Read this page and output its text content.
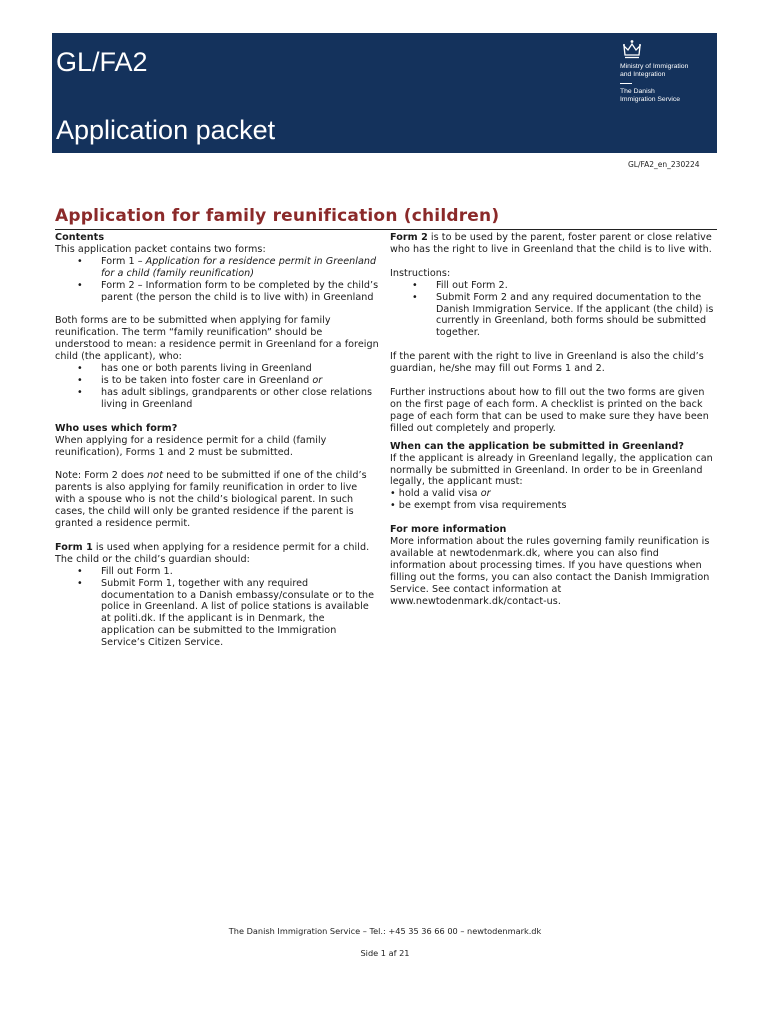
GL/FA2
Application packet
Ministry of Immigration
and Integration
The Danish
Immigration Service
GL/FA2_en_230224
Application for family reunification (children)

Contents

This application packet contains two forms:

• Form 1 – Application for a residence permit in Greenland for a child (family reunification)
• Form 2 – Information form to be completed by the child’s parent (the person the child is to live with) in Greenland

Both forms are to be submitted when applying for family reunification. The term “family reunification” should be understood to mean: a residence permit in Greenland for a foreign child (the applicant), who:

• has one or both parents living in Greenland
• is to be taken into foster care in Greenland or
• has adult siblings, grandparents or other close relations living in Greenland

Who uses which form?

When applying for a residence permit for a child (family reunification), Forms 1 and 2 must be submitted.

Note: Form 2 does not need to be submitted if one of the child’s parents is also applying for family reunification in order to live with a spouse who is not the child’s biological parent. In such cases, the child will only be granted residence if the parent is granted a residence permit.

Form 1 is used when applying for a residence permit for a child. The child or the child’s guardian should:

• Fill out Form 1.
• Submit Form 1, together with any required documentation to a Danish embassy/consulate or to the police in Greenland. A list of police stations is available at politi.dk. If the applicant is in Denmark, the application can be submitted to the Immigration Service’s Citizen Service.

Form 2 is to be used by the parent, foster parent or close relative who has the right to live in Greenland that the child is to live with.

Instructions:

• Fill out Form 2.
• Submit Form 2 and any required documentation to the Danish Immigration Service. If the applicant (the child) is currently in Greenland, both forms should be submitted together.

If the parent with the right to live in Greenland is also the child’s guardian, he/she may fill out Forms 1 and 2.

Further instructions about how to fill out the two forms are given on the first page of each form. A checklist is printed on the back page of each form that can be used to make sure they have been filled out completely and properly.

When can the application be submitted in Greenland?

If the applicant is already in Greenland legally, the application can normally be submitted in Greenland. In order to be in Greenland legally, the applicant must:

• hold a valid visa or

• be exempt from visa requirements

For more information

More information about the rules governing family reunification is available at newtodenmark.dk, where you can also find information about processing times. If you have questions when filling out the forms, you can also contact the Danish Immigration Service. See contact information at www.newtodenmark.dk/contact-us.

The Danish Immigration Service – Tel.: +45 35 36 66 00 – newtodenmark.dk
Side 1 af 21
